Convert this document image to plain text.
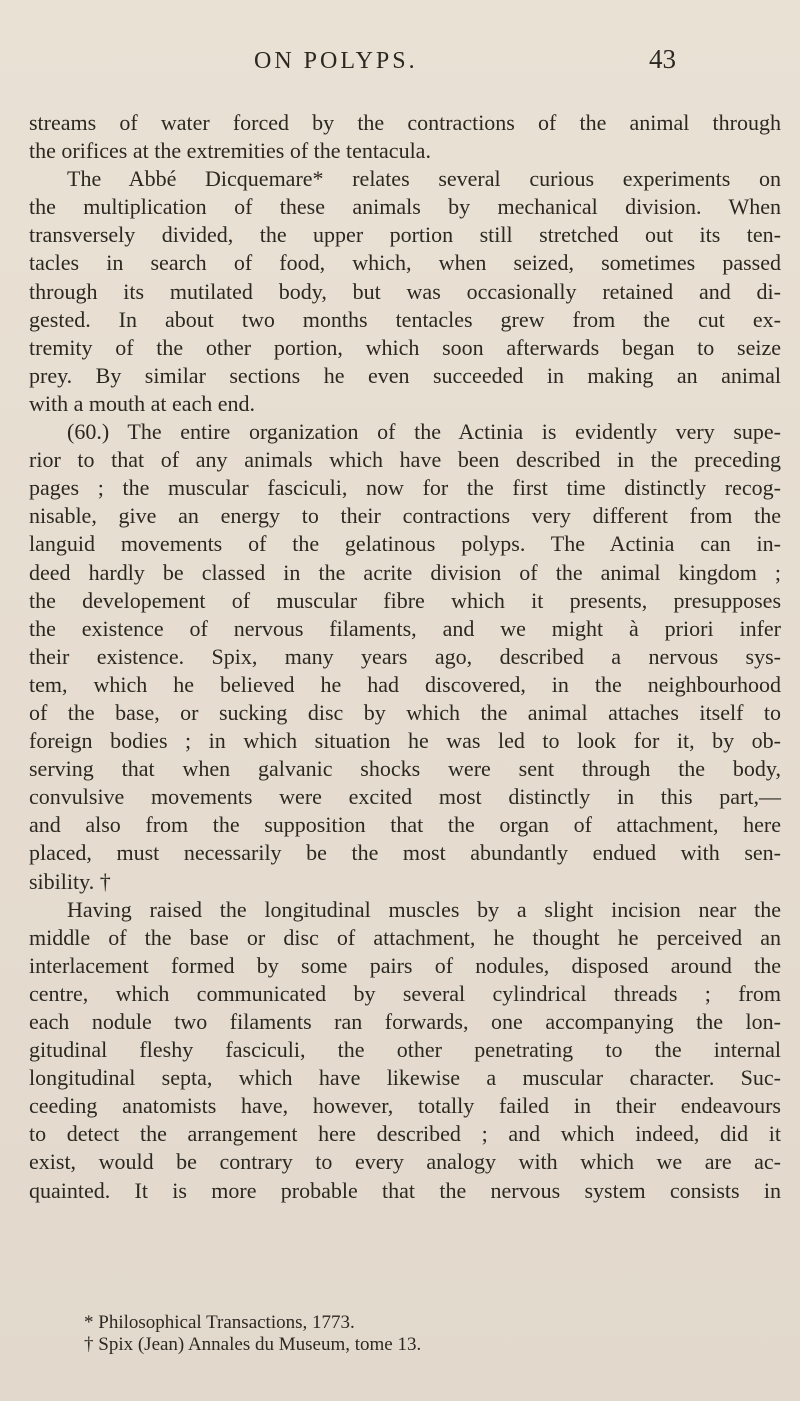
ON POLYPS.	43
streams of water forced by the contractions of the animal through
the orifices at the extremities of the tentacula.
The Abbé Dicquemare* relates several curious experiments on
the multiplication of these animals by mechanical division. When
transversely divided, the upper portion still stretched out its ten-
tacles in search of food, which, when seized, sometimes passed
through its mutilated body, but was occasionally retained and di-
gested. In about two months tentacles grew from the cut ex-
tremity of the other portion, which soon afterwards began to seize
prey. By similar sections he even succeeded in making an animal
with a mouth at each end.
(60.) The entire organization of the Actinia is evidently very supe-
rior to that of any animals which have been described in the preceding
pages ; the muscular fasciculi, now for the first time distinctly recog-
nisable, give an energy to their contractions very different from the
languid movements of the gelatinous polyps. The Actinia can in-
deed hardly be classed in the acrite division of the animal kingdom ;
the developement of muscular fibre which it presents, presupposes
the existence of nervous filaments, and we might à priori infer
their existence. Spix, many years ago, described a nervous sys-
tem, which he believed he had discovered, in the neighbourhood
of the base, or sucking disc by which the animal attaches itself to
foreign bodies ; in which situation he was led to look for it, by ob-
serving that when galvanic shocks were sent through the body,
convulsive movements were excited most distinctly in this part,—
and also from the supposition that the organ of attachment, here
placed, must necessarily be the most abundantly endued with sen-
sibility. †
Having raised the longitudinal muscles by a slight incision near the
middle of the base or disc of attachment, he thought he perceived an
interlacement formed by some pairs of nodules, disposed around the
centre, which communicated by several cylindrical threads ; from
each nodule two filaments ran forwards, one accompanying the lon-
gitudinal fleshy fasciculi, the other penetrating to the internal
longitudinal septa, which have likewise a muscular character. Suc-
ceeding anatomists have, however, totally failed in their endeavours
to detect the arrangement here described ; and which indeed, did it
exist, would be contrary to every analogy with which we are ac-
quainted. It is more probable that the nervous system consists in
* Philosophical Transactions, 1773.
† Spix (Jean) Annales du Museum, tome 13.
